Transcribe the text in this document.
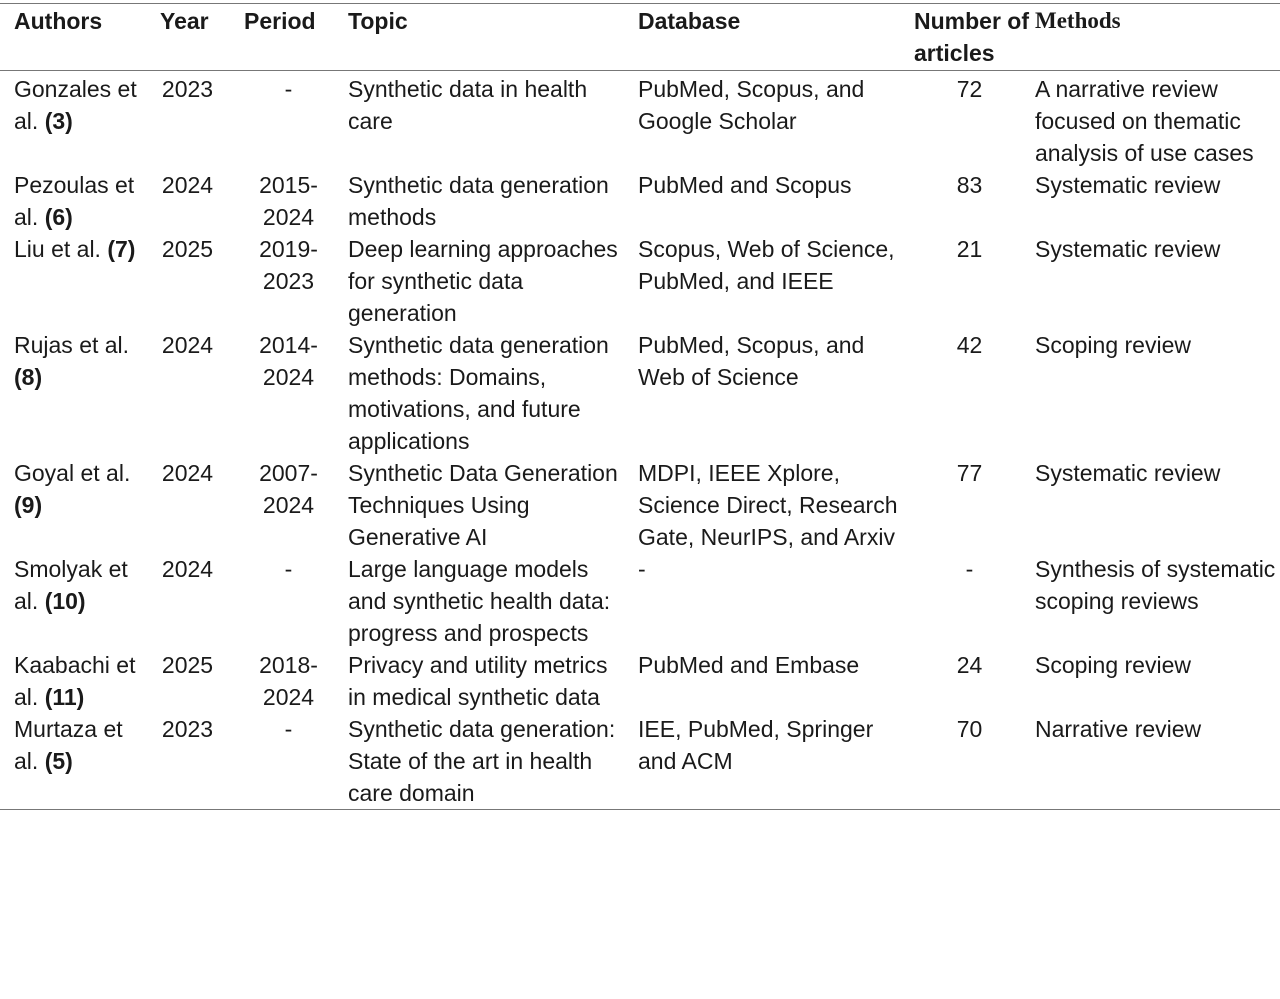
Authors	Year	Period	Topic	Database	Number of articles	Methods
Gonzales et al. (3)	2023	-	Synthetic data in health care	PubMed, Scopus, and Google Scholar	72	A narrative review focused on thematic analysis of use cases
Pezoulas et al. (6)	2024	2015-2024	Synthetic data generation methods	PubMed and Scopus	83	Systematic review
Liu et al. (7)	2025	2019-2023	Deep learning approaches for synthetic data generation	Scopus, Web of Science, PubMed, and IEEE	21	Systematic review
Rujas et al. (8)	2024	2014-2024	Synthetic data generation methods: Domains, motivations, and future applications	PubMed, Scopus, and Web of Science	42	Scoping review
Goyal et al. (9)	2024	2007-2024	Synthetic Data Generation Techniques Using Generative AI	MDPI, IEEE Xplore, Science Direct, Research Gate, NeurIPS, and Arxiv	77	Systematic review
Smolyak et al. (10)	2024	-	Large language models and synthetic health data: progress and prospects	-	-	Synthesis of systematic scoping reviews
Kaabachi et al. (11)	2025	2018-2024	Privacy and utility metrics in medical synthetic data	PubMed and Embase	24	Scoping review
Murtaza et al. (5)	2023	-	Synthetic data generation: State of the art in health care domain	IEE, PubMed, Springer and ACM	70	Narrative review
